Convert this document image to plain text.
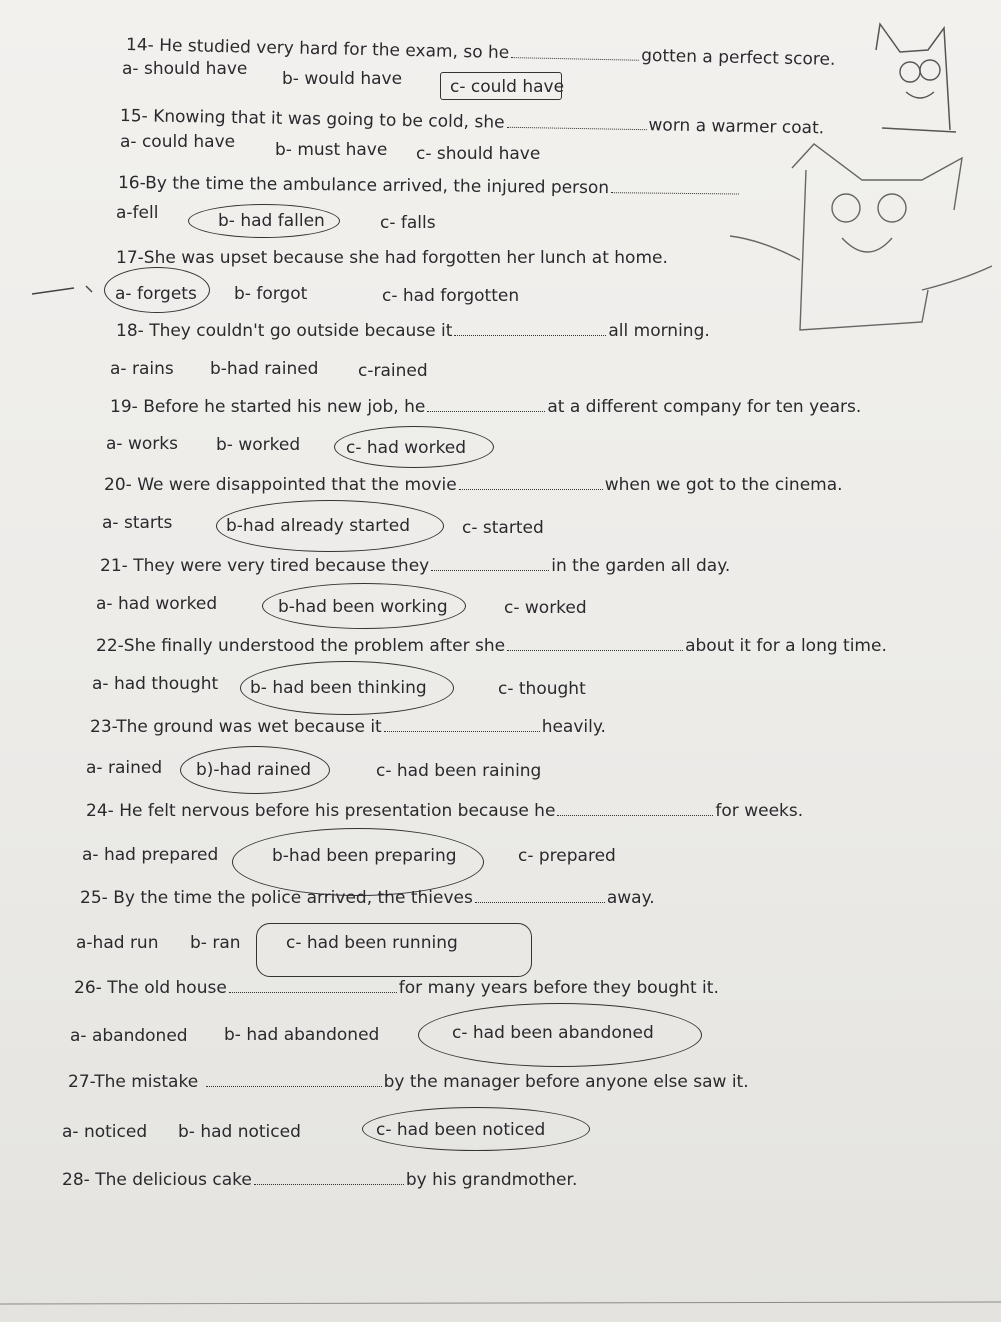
14- He studied very hard for the exam, so he	gotten a perfect score.
a- should have b- would have	c- could have
15- Knowing that it was going to be cold, she	worn a warmer coat.
a- could have b- must have c- should have
16-By the time the ambulance arrived, the injured person
a-fell	b- had fallen	c- falls
17-She was upset because she had forgotten her lunch at home.
a- forgets b- forgot	c- had forgotten
18- They couldn't go outside because it	all morning.
a- rains b-had rained c-rained
19- Before he started his new job, he	at a different company for ten years.
a- works b- worked	c- had worked
20- We were disappointed that the movie	when we got to the cinema.
a- starts	b-had already started	c- started
21- They were very tired because they	in the garden all day.
a- had worked	b-had been working	c- worked
22-She finally understood the problem after she	about it for a long time.
a- had thought b- had been thinking	c- thought
23-The ground was wet because it	heavily.
a- rained b)-had rained	c- had been raining
24- He felt nervous before his presentation because he	for weeks.
a- had prepared	b-had been preparing	c- prepared
25- By the time the police arrived, the thieves	away.
a-had run b- ran	c- had been running
26- The old house	for many years before they bought it.
a- abandoned b- had abandoned	c- had been abandoned
27-The mistake	by the manager before anyone else saw it.
a- noticed b- had noticed	c- had been noticed
28- The delicious cake	by his grandmother.
